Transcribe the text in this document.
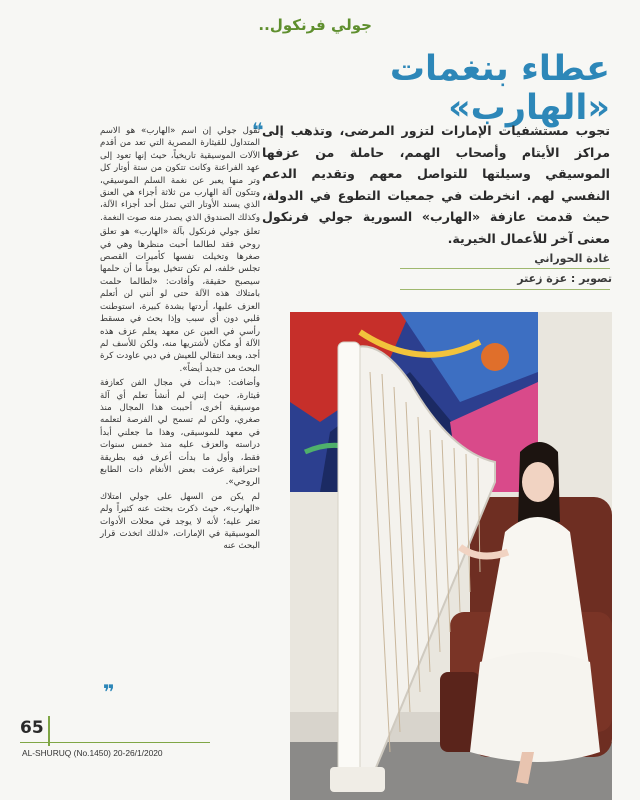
جولي فرنكول..
عطاء بنغمات «الهارب»
تجوب مستشفيات الإمارات لتزور المرضى، وتذهب إلى مراكز الأيتام وأصحاب الهمم، حاملة من عزفها الموسيقي وسيلتها للتواصل معهم وتقديم الدعم النفسي لهم. انخرطت في جمعيات التطوع في الدولة، حيث قدمت عازفة «الهارب» السورية جولي فرنكول معنى آخر للأعمال الخيرية.
غادة الحوراني
تصوير : عزة زعتر
❝

تقول جولي إن اسم «الهارب» هو الاسم المتداول للقيثارة المصرية التي تعد من أقدم الآلات الموسيقية تاريخياً، حيث إنها تعود إلى عهد الفراعنة وكانت تتكون من ستة أوتار كل وتر منها يعبر عن نغمة السلم الموسيقي، وتتكون آلة الهارب من ثلاثة أجزاء هي العنق الذي يسند الأوتار التي تمثل أحد أجزاء الآلة، وكذلك الصندوق الذي يصدر منه صوت النغمة.

تعلق جولي فرنكول بآلة «الهارب» هو تعلق روحي فقد لطالما أحبت منظرها وهي في صغرها وتخيلت نفسها كأميرات القصص تجلس خلفه، لم تكن تتخيل يوماً ما أن حلمها سيصبح حقيقة، وأفادت: «لطالما حلمت بامتلاك هذه الآلة حتى لو أنني لن أتعلم العزف عليها، أردتها بشدة كبيرة، استوطنت قلبي دون أي سبب وإذا بحث في مسقط رأسي في العين عن معهد يعلم عزف هذه الآلة أو مكان لأشتريها منه، ولكن للأسف لم أجد، وبعد انتقالي للعيش في دبي عاودت كرة البحث من جديد أيضاً».

وأضافت: «بدأت في مجال الفن كعازفة قيثارة، حيث إنني لم أنشأ تعلم أي آلة موسيقية أخرى، أحببت هذا المجال منذ صغري، ولكن لم تسمح لي الفرصة لتعلمه في معهد للموسيقى، وهذا ما جعلني أبدأ دراسته والعزف عليه منذ خمس سنوات فقط، وأول ما بدأت أعرف فيه بطريقة احترافية عرفت بعض الأنغام ذات الطابع الروحي».

لم يكن من السهل على جولي امتلاك «الهارب»، حيث ذكرت بحثت عنه كثيراً ولم تعثر عليه؛ لأنه لا يوجد في محلات الأدوات الموسيقية في الإمارات، «لذلك اتخذت قرار البحث عنه

❞
65
AL-SHURUQ (No.1450) 20-26/1/2020
